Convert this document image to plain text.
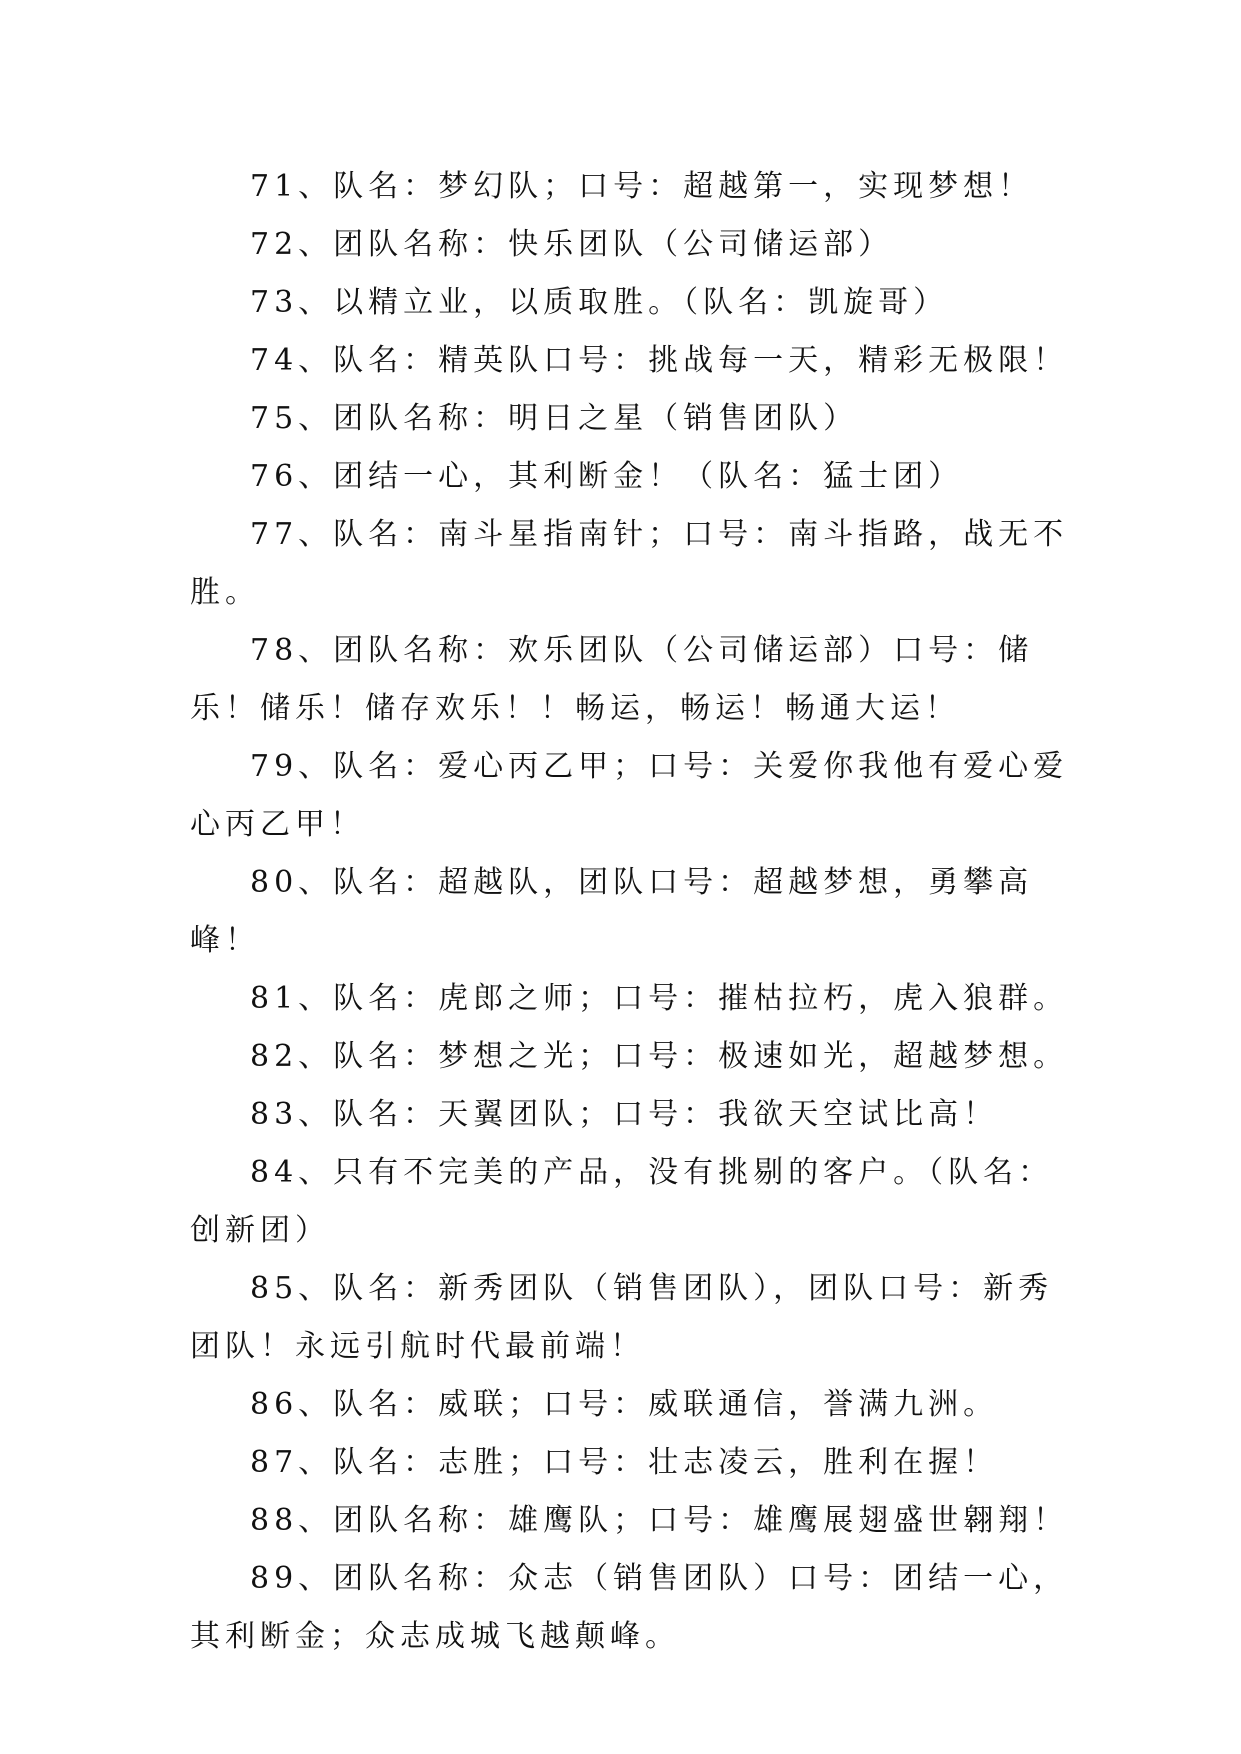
71、队名：梦幻队；口号：超越第一，实现梦想！

72、团队名称：快乐团队（公司储运部）

73、以精立业，以质取胜。（队名：凯旋哥）

74、队名：精英队口号：挑战每一天，精彩无极限！

75、团队名称：明日之星（销售团队）

76、团结一心，其利断金！（队名：猛士团）

77、队名：南斗星指南针；口号：南斗指路，战无不胜。

78、团队名称：欢乐团队（公司储运部）口号：储乐！储乐！储存欢乐！！畅运，畅运！畅通大运！

79、队名：爱心丙乙甲；口号：关爱你我他有爱心爱心丙乙甲！

80、队名：超越队，团队口号：超越梦想，勇攀高峰！

81、队名：虎郎之师；口号：摧枯拉朽，虎入狼群。

82、队名：梦想之光；口号：极速如光，超越梦想。

83、队名：天翼团队；口号：我欲天空试比高！

84、只有不完美的产品，没有挑剔的客户。（队名：创新团）

85、队名：新秀团队（销售团队），团队口号：新秀团队！永远引航时代最前端！

86、队名：威联；口号：威联通信，誉满九洲。

87、队名：志胜；口号：壮志凌云，胜利在握！

88、团队名称：雄鹰队；口号：雄鹰展翅盛世翱翔！

89、团队名称：众志（销售团队）口号：团结一心，其利断金；众志成城飞越颠峰。
